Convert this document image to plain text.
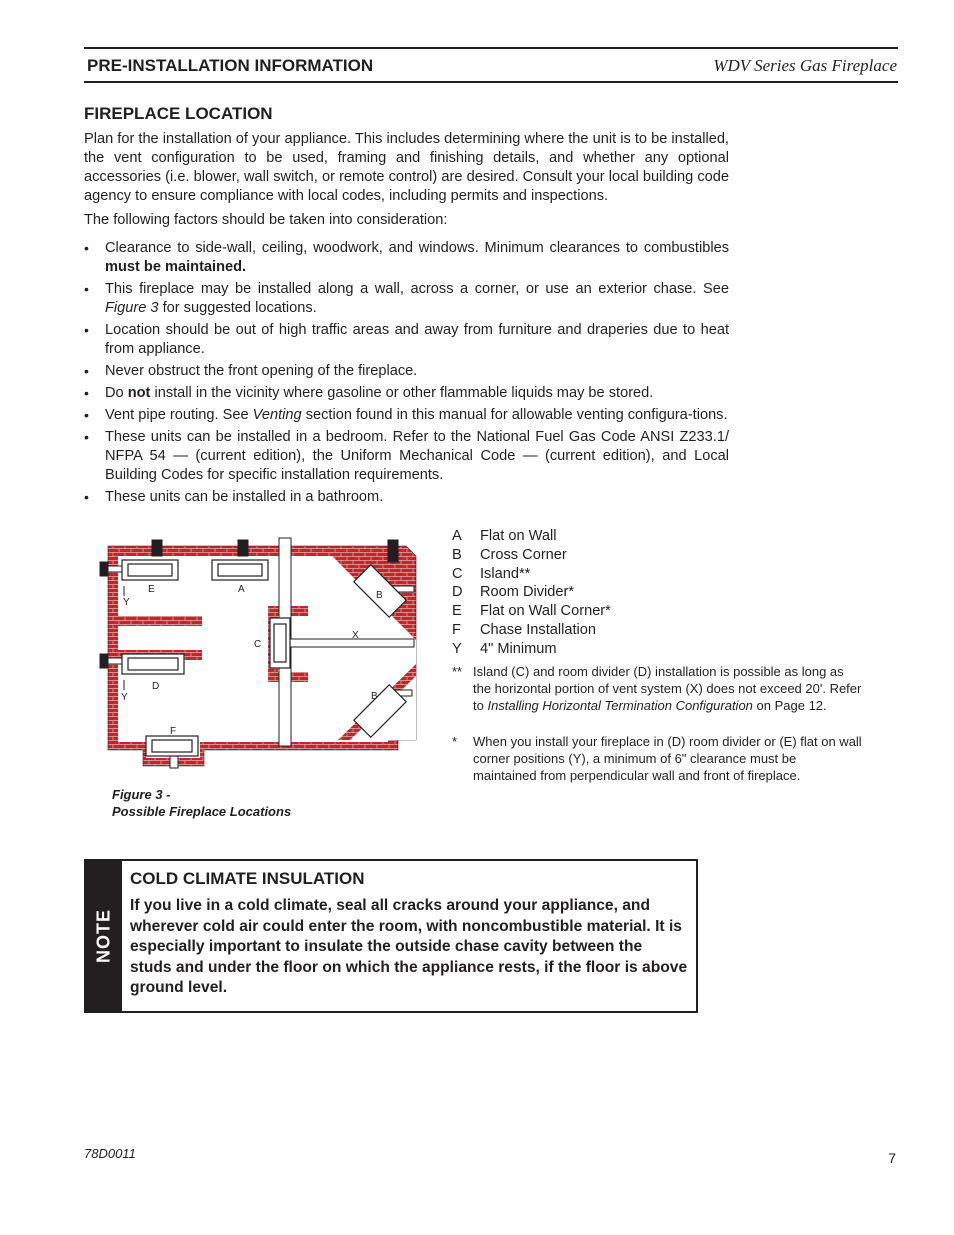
PRE-INSTALLATION INFORMATION	WDV Series Gas Fireplace
FIREPLACE LOCATION
Plan for the installation of your appliance. This includes determining where the unit is to be installed, the vent configuration to be used, framing and finishing details, and whether any optional accessories (i.e. blower, wall switch, or remote control) are desired. Consult your local building code agency to ensure compliance with local codes, including permits and inspections.
The following factors should be taken into consideration:
• Clearance to side-wall, ceiling, woodwork, and windows. Minimum clearances to combustibles must be maintained.
• This fireplace may be installed along a wall, across a corner, or use an exterior chase. See Figure 3 for suggested locations.
• Location should be out of high traffic areas and away from furniture and draperies due to heat from appliance.
• Never obstruct the front opening of the fireplace.
• Do not install in the vicinity where gasoline or other flammable liquids may be stored.
• Vent pipe routing. See Venting section found in this manual for allowable venting configura-tions.
• These units can be installed in a bedroom. Refer to the National Fuel Gas Code ANSI Z233.1/ NFPA 54 — (current edition), the Uniform Mechanical Code — (current edition), and Local Building Codes for specific installation requirements.
• These units can be installed in a bathroom.
E	A
B
C
X
D
B
F
Y
Y
Figure 3 -
Possible Fireplace Locations
A Flat on Wall
B Cross Corner
C Island**
D Room Divider*
E Flat on Wall Corner*
F Chase Installation
Y 4" Minimum
** Island (C) and room divider (D) installation is possible as long as the horizontal portion of vent system (X) does not exceed 20'. Refer to Installing Horizontal Termination Configuration on Page 12.
* When you install your fireplace in (D) room divider or (E) flat on wall corner positions (Y), a minimum of 6" clearance must be maintained from perpendicular wall and front of fireplace.
NOTE
COLD CLIMATE INSULATION
If you live in a cold climate, seal all cracks around your appliance, and wherever cold air could enter the room, with noncombustible material. It is especially important to insulate the outside chase cavity between the studs and under the floor on which the appliance rests, if the floor is above ground level.
78D0011	7
